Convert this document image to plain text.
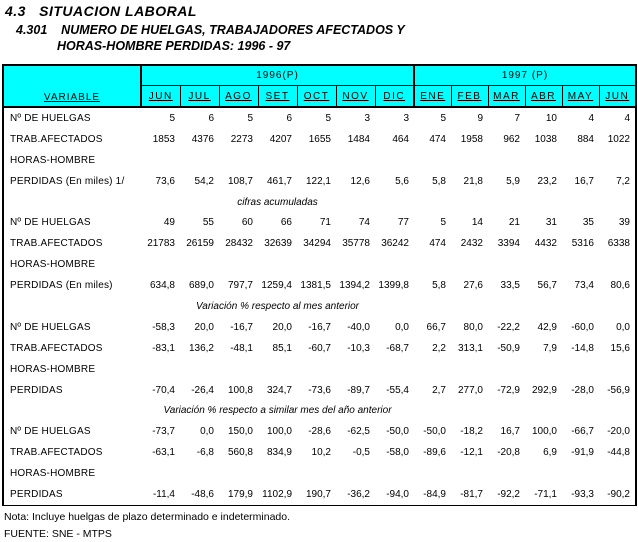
4.3   SITUACION LABORAL
4.301    NUMERO DE HUELGAS, TRABAJADORES AFECTADOS Y
HORAS-HOMBRE PERDIDAS: 1996 - 97
VARIABLE	1996(P)							1997 (P)					
	JUN	JUL	AGO	SET	OCT	NOV	DIC	ENE	FEB	MAR	ABR	MAY	JUN
Nº DE HUELGAS	5	6	5	6	5	3	3	5	9	7	10	4	4
TRAB.AFECTADOS	1853	4376	2273	4207	1655	1484	464	474	1958	962	1038	884	1022
HORAS-HOMBRE													
PERDIDAS (En miles) 1/	73,6	54,2	108,7	461,7	122,1	12,6	5,6	5,8	21,8	5,9	23,2	16,7	7,2
	cifras acumuladas												
Nº DE HUELGAS	49	55	60	66	71	74	77	5	14	21	31	35	39
TRAB.AFECTADOS	21783	26159	28432	32639	34294	35778	36242	474	2432	3394	4432	5316	6338
HORAS-HOMBRE													
PERDIDAS (En miles)	634,8	689,0	797,7	1259,4	1381,5	1394,2	1399,8	5,8	27,6	33,5	56,7	73,4	80,6
	Variación % respecto al mes anterior												
Nº DE HUELGAS	-58,3	20,0	-16,7	20,0	-16,7	-40,0	0,0	66,7	80,0	-22,2	42,9	-60,0	0,0
TRAB.AFECTADOS	-83,1	136,2	-48,1	85,1	-60,7	-10,3	-68,7	2,2	313,1	-50,9	7,9	-14,8	15,6
HORAS-HOMBRE													
PERDIDAS	-70,4	-26,4	100,8	324,7	-73,6	-89,7	-55,4	2,7	277,0	-72,9	292,9	-28,0	-56,9
	Variación % respecto a similar mes del año anterior												
Nº DE HUELGAS	-73,7	0,0	150,0	100,0	-28,6	-62,5	-50,0	-50,0	-18,2	16,7	100,0	-66,7	-20,0
TRAB.AFECTADOS	-63,1	-6,8	560,8	834,9	10,2	-0,5	-58,0	-89,6	-12,1	-20,8	6,9	-91,9	-44,8
HORAS-HOMBRE													
PERDIDAS	-11,4	-48,6	179,9	1102,9	190,7	-36,2	-94,0	-84,9	-81,7	-92,2	-71,1	-93,3	-90,2
Nota: Incluye huelgas de plazo determinado e indeterminado.
FUENTE: SNE - MTPS
